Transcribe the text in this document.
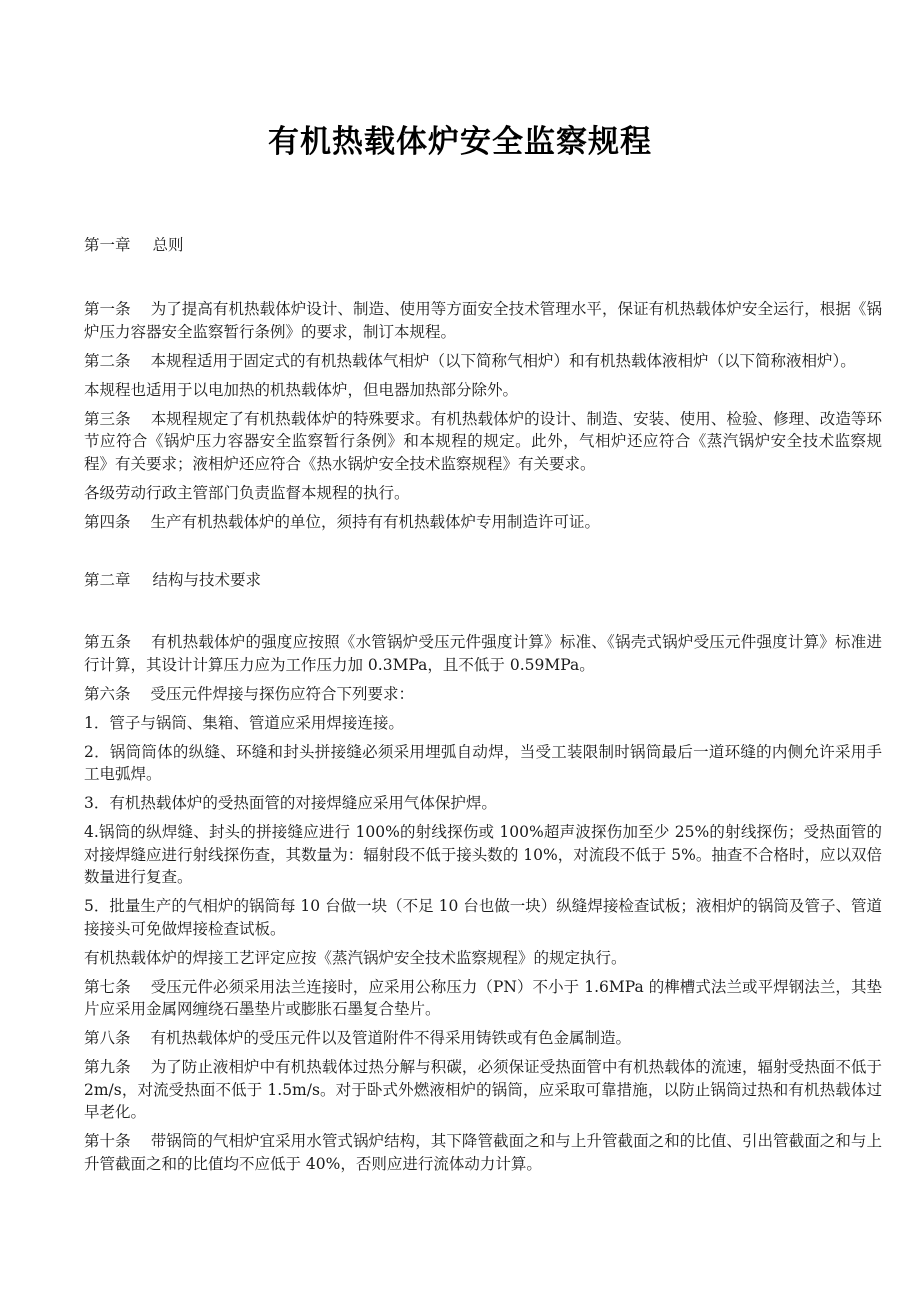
有机热载体炉安全监察规程
第一章 总则
第一条 为了提高有机热载体炉设计、制造、使用等方面安全技术管理水平，保证有机热载体炉安全运行，根据《锅炉压力容器安全监察暂行条例》的要求，制订本规程。
第二条 本规程适用于固定式的有机热载体气相炉（以下简称气相炉）和有机热载体液相炉（以下简称液相炉）。
本规程也适用于以电加热的机热载体炉，但电器加热部分除外。
第三条 本规程规定了有机热载体炉的特殊要求。有机热载体炉的设计、制造、安装、使用、检验、修理、改造等环节应符合《锅炉压力容器安全监察暂行条例》和本规程的规定。此外，气相炉还应符合《蒸汽锅炉安全技术监察规程》有关要求；液相炉还应符合《热水锅炉安全技术监察规程》有关要求。
各级劳动行政主管部门负责监督本规程的执行。
第四条 生产有机热载体炉的单位，须持有有机热载体炉专用制造许可证。
第二章 结构与技术要求
第五条 有机热载体炉的强度应按照《水管锅炉受压元件强度计算》标准、《锅壳式锅炉受压元件强度计算》标准进行计算，其设计计算压力应为工作压力加 0.3MPa，且不低于 0.59MPa。
第六条 受压元件焊接与探伤应符合下列要求：
1．管子与锅筒、集箱、管道应采用焊接连接。
2．锅筒筒体的纵缝、环缝和封头拼接缝必须采用埋弧自动焊，当受工装限制时锅筒最后一道环缝的内侧允许采用手工电弧焊。
3．有机热载体炉的受热面管的对接焊缝应采用气体保护焊。
4.锅筒的纵焊缝、封头的拼接缝应进行 100%的射线探伤或 100%超声波探伤加至少 25%的射线探伤；受热面管的对接焊缝应进行射线探伤查，其数量为：辐射段不低于接头数的 10%，对流段不低于 5%。抽查不合格时，应以双倍数量进行复查。
5．批量生产的气相炉的锅筒每 10 台做一块（不足 10 台也做一块）纵缝焊接检查试板；液相炉的锅筒及管子、管道接接头可免做焊接检查试板。
有机热载体炉的焊接工艺评定应按《蒸汽锅炉安全技术监察规程》的规定执行。
第七条 受压元件必须采用法兰连接时，应采用公称压力（PN）不小于 1.6MPa 的榫槽式法兰或平焊钢法兰，其垫片应采用金属网缠绕石墨垫片或膨胀石墨复合垫片。
第八条 有机热载体炉的受压元件以及管道附件不得采用铸铁或有色金属制造。
第九条 为了防止液相炉中有机热载体过热分解与积碳，必须保证受热面管中有机热载体的流速，辐射受热面不低于 2m/s，对流受热面不低于 1.5m/s。对于卧式外燃液相炉的锅筒，应采取可靠措施，以防止锅筒过热和有机热载体过早老化。
第十条 带锅筒的气相炉宜采用水管式锅炉结构，其下降管截面之和与上升管截面之和的比值、引出管截面之和与上升管截面之和的比值均不应低于 40%，否则应进行流体动力计算。
